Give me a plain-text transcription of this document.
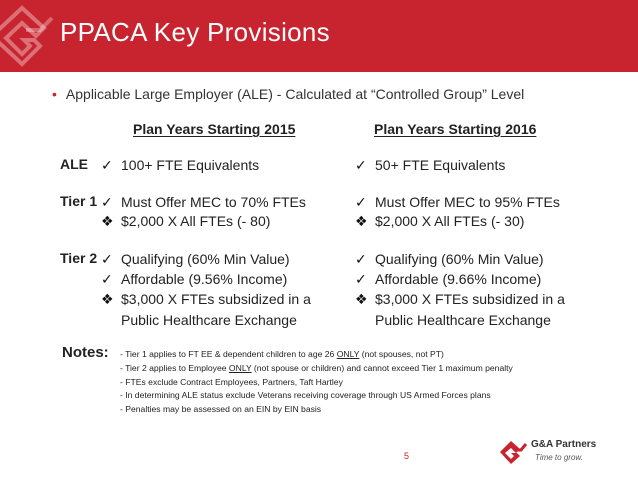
PPACA Key Provisions
• Applicable Large Employer (ALE) - Calculated at “Controlled Group” Level
Plan Years Starting 2015	Plan Years Starting 2016
ALE ✓ 100+ FTE Equivalents	✓ 50+ FTE Equivalents
Tier 1 ✓ Must Offer MEC to 70% FTEs
❖ $2,000 X All FTEs (- 80)
✓ Must Offer MEC to 95% FTEs
❖ $2,000 X All FTEs (- 30)
Tier 2 ✓ Qualifying (60% Min Value)
✓ Affordable (9.56% Income)
❖ $3,000 X FTEs subsidized in a
Public Healthcare Exchange
✓ Qualifying (60% Min Value)
✓ Affordable (9.66% Income)
❖ $3,000 X FTEs subsidized in a
Public Healthcare Exchange
Notes: - Tier 1 applies to FT EE & dependent children to age 26 ONLY (not spouses, not PT)
- Tier 2 applies to Employee ONLY (not spouse or children) and cannot exceed Tier 1 maximum penalty
- FTEs exclude Contract Employees, Partners, Taft Hartley
- In determining ALE status exclude Veterans receiving coverage through US Armed Forces plans
- Penalties may be assessed on an EIN by EIN basis
5
G&A Partners
Time to grow.
